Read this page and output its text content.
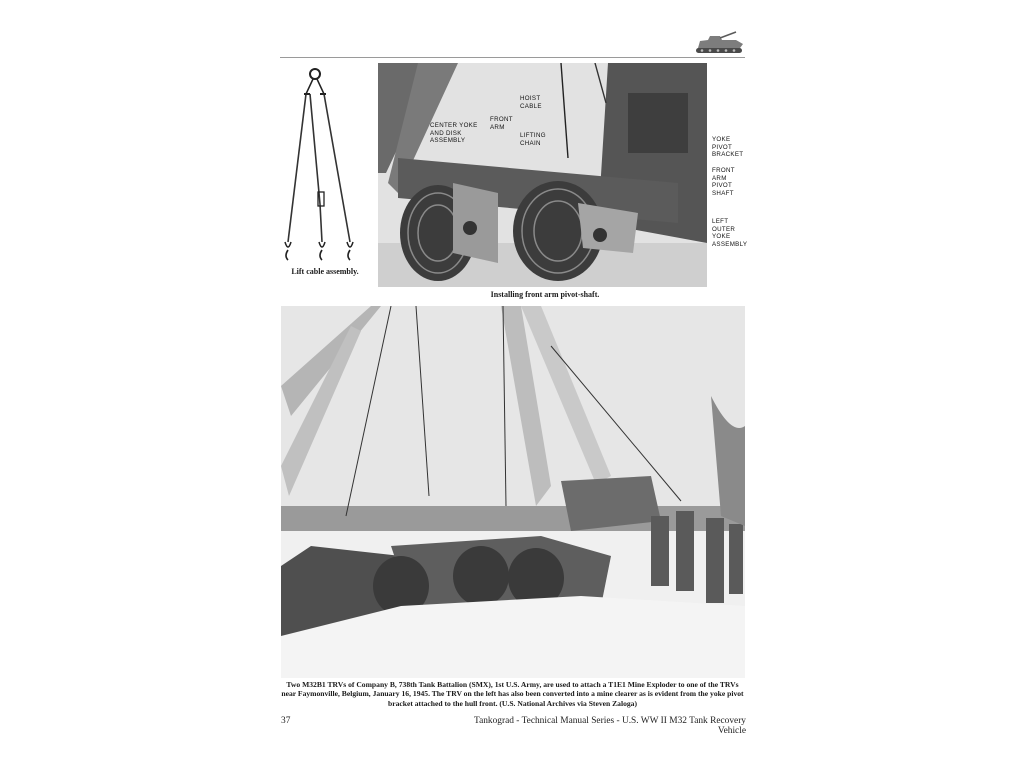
Lift cable assembly.
CENTER YOKE AND DISK ASSEMBLY
FRONT ARM
HOIST CABLE
LIFTING CHAIN	YOKE PIVOT BRACKET
FRONT ARM PIVOT SHAFT
LEFT OUTER YOKE ASSEMBLY
Installing front arm pivot-shaft.
Two M32B1 TRVs of Company B, 738th Tank Battalion (SMX), 1st U.S. Army, are used to attach a T1E1 Mine Exploder to one of the TRVs near Faymonville, Belgium, January 16, 1945. The TRV on the left has also been converted into a mine clearer as is evident from the yoke pivot bracket attached to the hull front. (U.S. National Archives via Steven Zaloga)
37	Tankograd - Technical Manual Series - U.S. WW II M32 Tank Recovery Vehicle
